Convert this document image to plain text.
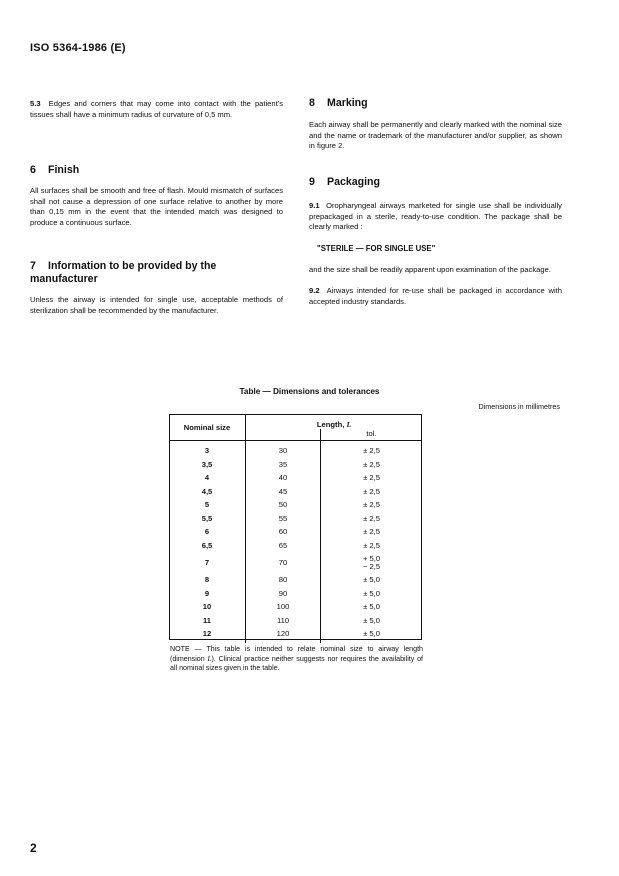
ISO 5364-1986 (E)

5.3 Edges and corners that may come into contact with the patient's tissues shall have a minimum radius of curvature of 0,5 mm.

6 Finish

All surfaces shall be smooth and free of flash. Mould mismatch of surfaces shall not cause a depression of one surface relative to another by more than 0,15 mm in the event that the intended match was designed to produce a continuous surface.

7 Information to be provided by the manufacturer

Unless the airway is intended for single use, acceptable methods of sterilization shall be recommended by the manufacturer.

8 Marking

Each airway shall be permanently and clearly marked with the nominal size and the name or trademark of the manufacturer and/or supplier, as shown in figure 2.

9 Packaging

9.1 Oropharyngeal airways marketed for single use shall be individually prepackaged in a sterile, ready-to-use condition. The package shall be clearly marked :

"STERILE — FOR SINGLE USE"

and the size shall be readily apparent upon examination of the package.

9.2 Airways intended for re-use shall be packaged in accordance with accepted industry standards.

Table — Dimensions and tolerances
Dimensions in millimetres
Nominal size	Length, L	
		tol.
3	30	± 2,5
3,5	35	± 2,5
4	40	± 2,5
4,5	45	± 2,5
5	50	± 2,5
5,5	55	± 2,5
6	60	± 2,5
6,5	65	± 2,5
7	70	+ 5,0
− 2,5
8	80	± 5,0
9	90	± 5,0
10	100	± 5,0
11	110	± 5,0
12	120	± 5,0
NOTE — This table is intended to relate nominal size to airway length (dimension L). Clinical practice neither suggests nor requires the availability of all nominal sizes given in the table.
2
